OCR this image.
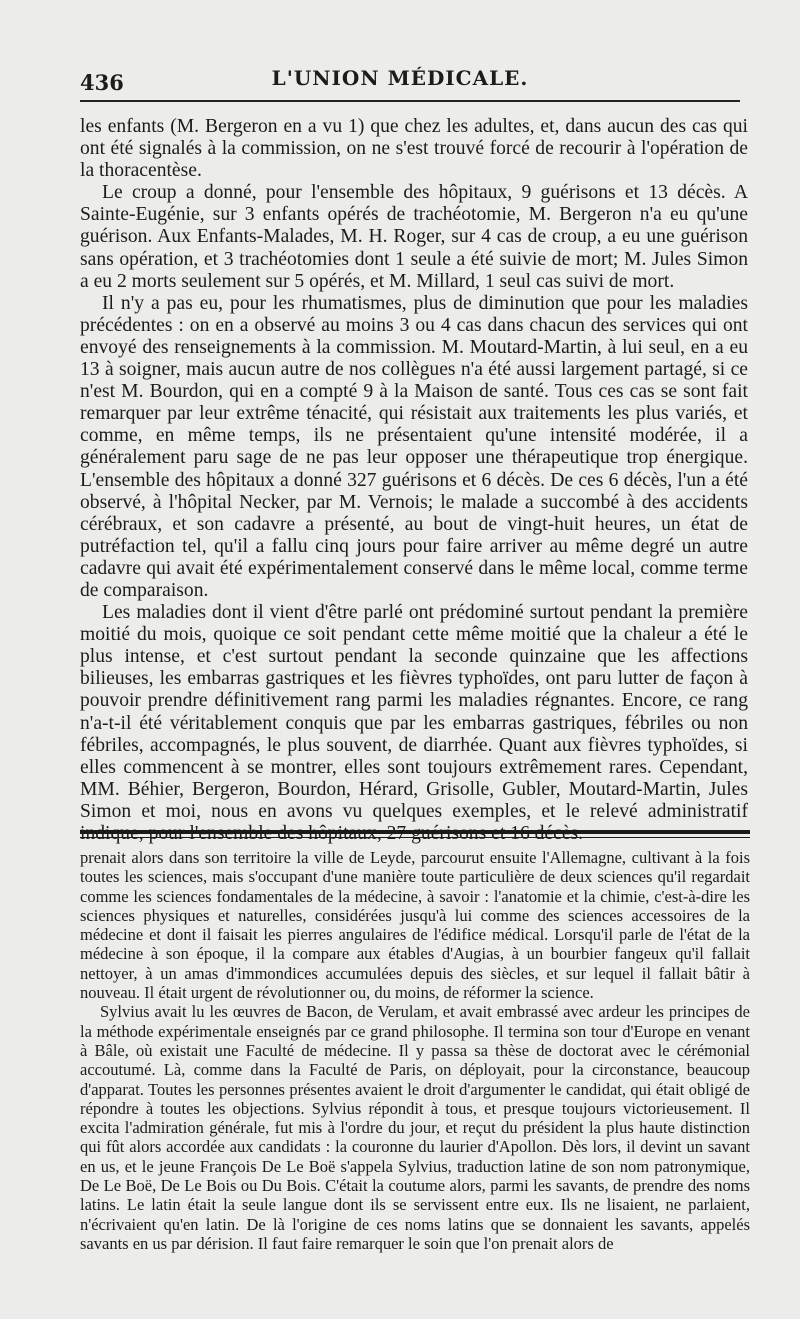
436	L'UNION MÉDICALE.

les enfants (M. Bergeron en a vu 1) que chez les adultes, et, dans aucun des cas qui ont été signalés à la commission, on ne s'est trouvé forcé de recourir à l'opération de la thoracentèse.

Le croup a donné, pour l'ensemble des hôpitaux, 9 guérisons et 13 décès. A Sainte-Eugénie, sur 3 enfants opérés de trachéotomie, M. Bergeron n'a eu qu'une guérison. Aux Enfants-Malades, M. H. Roger, sur 4 cas de croup, a eu une guérison sans opération, et 3 trachéotomies dont 1 seule a été suivie de mort; M. Jules Simon a eu 2 morts seulement sur 5 opérés, et M. Millard, 1 seul cas suivi de mort.

Il n'y a pas eu, pour les rhumatismes, plus de diminution que pour les maladies précédentes : on en a observé au moins 3 ou 4 cas dans chacun des services qui ont envoyé des renseignements à la commission. M. Moutard-Martin, à lui seul, en a eu 13 à soigner, mais aucun autre de nos collègues n'a été aussi largement partagé, si ce n'est M. Bourdon, qui en a compté 9 à la Maison de santé. Tous ces cas se sont fait remarquer par leur extrême ténacité, qui résistait aux traitements les plus variés, et comme, en même temps, ils ne présentaient qu'une intensité modérée, il a généralement paru sage de ne pas leur opposer une thérapeutique trop énergique. L'ensemble des hôpitaux a donné 327 guérisons et 6 décès. De ces 6 décès, l'un a été observé, à l'hôpital Necker, par M. Vernois; le malade a succombé à des accidents cérébraux, et son cadavre a présenté, au bout de vingt-huit heures, un état de putréfaction tel, qu'il a fallu cinq jours pour faire arriver au même degré un autre cadavre qui avait été expérimentalement conservé dans le même local, comme terme de comparaison.

Les maladies dont il vient d'être parlé ont prédominé surtout pendant la première moitié du mois, quoique ce soit pendant cette même moitié que la chaleur a été le plus intense, et c'est surtout pendant la seconde quinzaine que les affections bilieuses, les embarras gastriques et les fièvres typhoïdes, ont paru lutter de façon à pouvoir prendre définitivement rang parmi les maladies régnantes. Encore, ce rang n'a-t-il été véritablement conquis que par les embarras gastriques, fébriles ou non fébriles, accompagnés, le plus souvent, de diarrhée. Quant aux fièvres typhoïdes, si elles commencent à se montrer, elles sont toujours extrêmement rares. Cependant, MM. Béhier, Bergeron, Bourdon, Hérard, Grisolle, Gubler, Moutard-Martin, Jules Simon et moi, nous en avons vu quelques exemples, et le relevé administratif indique, pour l'ensemble des hôpitaux, 27 guérisons et 16 décès.

prenait alors dans son territoire la ville de Leyde, parcourut ensuite l'Allemagne, cultivant à la fois toutes les sciences, mais s'occupant d'une manière toute particulière de deux sciences qu'il regardait comme les sciences fondamentales de la médecine, à savoir : l'anatomie et la chimie, c'est-à-dire les sciences physiques et naturelles, considérées jusqu'à lui comme des sciences accessoires de la médecine et dont il faisait les pierres angulaires de l'édifice médical. Lorsqu'il parle de l'état de la médecine à son époque, il la compare aux étables d'Augias, à un bourbier fangeux qu'il fallait nettoyer, à un amas d'immondices accumulées depuis des siècles, et sur lequel il fallait bâtir à nouveau. Il était urgent de révolutionner ou, du moins, de réformer la science.

Sylvius avait lu les œuvres de Bacon, de Verulam, et avait embrassé avec ardeur les principes de la méthode expérimentale enseignés par ce grand philosophe. Il termina son tour d'Europe en venant à Bâle, où existait une Faculté de médecine. Il y passa sa thèse de doctorat avec le cérémonial accoutumé. Là, comme dans la Faculté de Paris, on déployait, pour la circonstance, beaucoup d'apparat. Toutes les personnes présentes avaient le droit d'argumenter le candidat, qui était obligé de répondre à toutes les objections. Sylvius répondit à tous, et presque toujours victorieusement. Il excita l'admiration générale, fut mis à l'ordre du jour, et reçut du président la plus haute distinction qui fût alors accordée aux candidats : la couronne du laurier d'Apollon. Dès lors, il devint un savant en us, et le jeune François De Le Boë s'appela Sylvius, traduction latine de son nom patronymique, De Le Boë, De Le Bois ou Du Bois. C'était la coutume alors, parmi les savants, de prendre des noms latins. Le latin était la seule langue dont ils se servissent entre eux. Ils ne lisaient, ne parlaient, n'écrivaient qu'en latin. De là l'origine de ces noms latins que se donnaient les savants, appelés savants en us par dérision. Il faut faire remarquer le soin que l'on prenait alors de
